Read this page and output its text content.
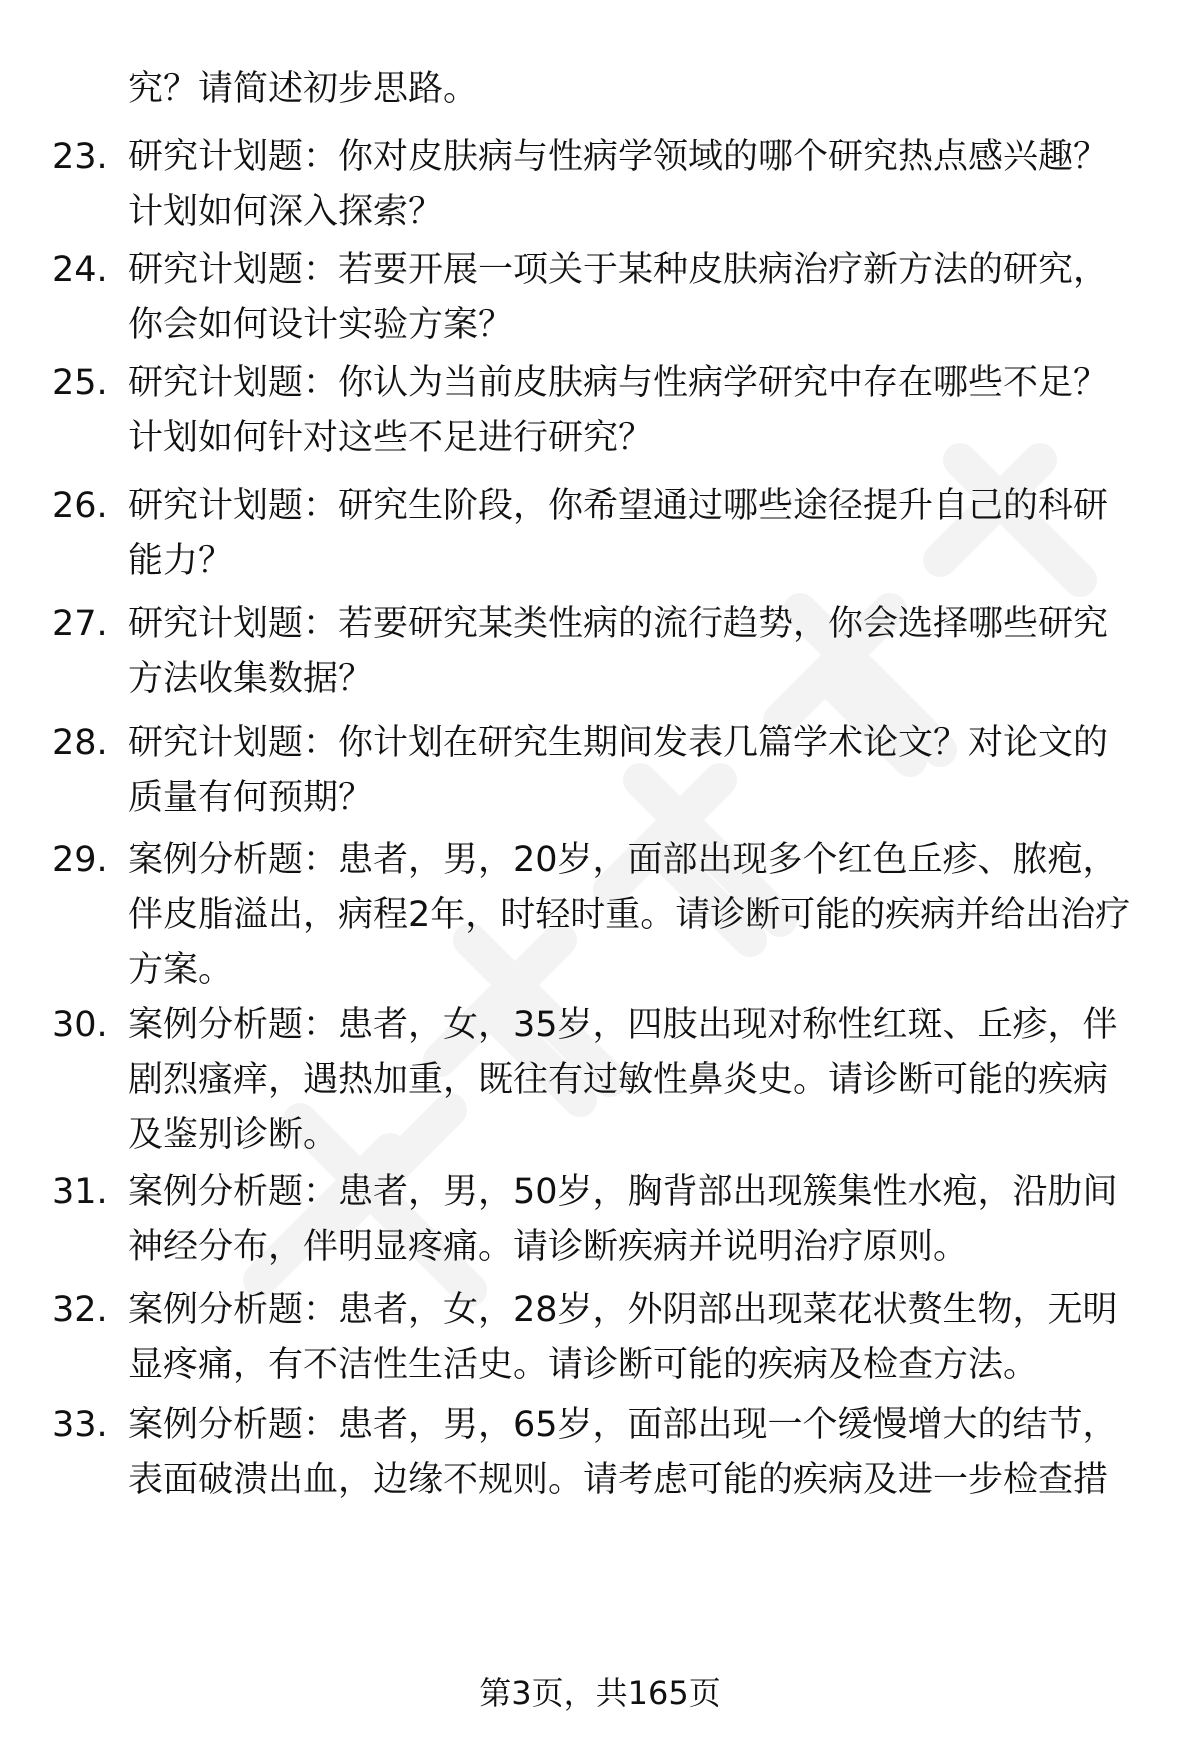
究？请简述初步思路。
23. 研究计划题：你对皮肤病与性病学领域的哪个研究热点感兴趣？
计划如何深入探索？
24. 研究计划题：若要开展一项关于某种皮肤病治疗新方法的研究，
你会如何设计实验方案？
25. 研究计划题：你认为当前皮肤病与性病学研究中存在哪些不足？
计划如何针对这些不足进行研究？
26. 研究计划题：研究生阶段，你希望通过哪些途径提升自己的科研
能力？
27. 研究计划题：若要研究某类性病的流行趋势，你会选择哪些研究
方法收集数据？
28. 研究计划题：你计划在研究生期间发表几篇学术论文？对论文的
质量有何预期？
29. 案例分析题：患者，男，20岁，面部出现多个红色丘疹、脓疱，
伴皮脂溢出，病程2年，时轻时重。请诊断可能的疾病并给出治疗
方案。
30. 案例分析题：患者，女，35岁，四肢出现对称性红斑、丘疹，伴
剧烈瘙痒，遇热加重，既往有过敏性鼻炎史。请诊断可能的疾病
及鉴别诊断。
31. 案例分析题：患者，男，50岁，胸背部出现簇集性水疱，沿肋间
神经分布，伴明显疼痛。请诊断疾病并说明治疗原则。
32. 案例分析题：患者，女，28岁，外阴部出现菜花状赘生物，无明
显疼痛，有不洁性生活史。请诊断可能的疾病及检查方法。
33. 案例分析题：患者，男，65岁，面部出现一个缓慢增大的结节，
表面破溃出血，边缘不规则。请考虑可能的疾病及进一步检查措
第3页，共165页
